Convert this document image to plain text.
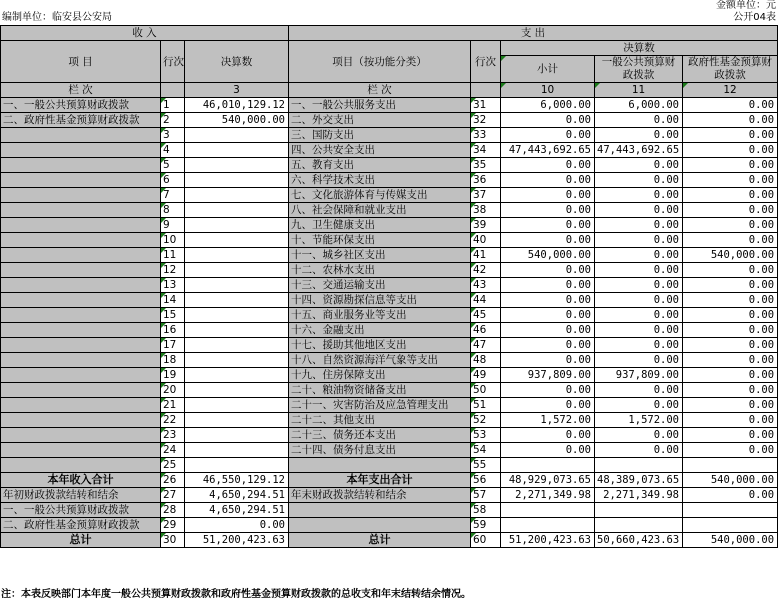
金额单位：元
编制单位：临安县公安局	公开04表
收 入			支 出				
项 目	行次	决算数	项目（按功能分类）	行次	决算数		
					小计	一般公共预算财政拨款	政府性基金预算财政拨款

栏 次		3	栏 次		10	11	12
一、一般公共预算财政拨款	1	46,010,129.12	一、一般公共服务支出	31	6,000.00	6,000.00	0.00
二、政府性基金预算财政拨款	2	540,000.00	二、外交支出	32	0.00	0.00	0.00
	3		三、国防支出	33	0.00	0.00	0.00
	4		四、公共安全支出	34	47,443,692.65	47,443,692.65	0.00
	5		五、教育支出	35	0.00	0.00	0.00
	6		六、科学技术支出	36	0.00	0.00	0.00
	7		七、文化旅游体育与传媒支出	37	0.00	0.00	0.00
	8		八、社会保障和就业支出	38	0.00	0.00	0.00
	9		九、卫生健康支出	39	0.00	0.00	0.00
	10		十、节能环保支出	40	0.00	0.00	0.00
	11		十一、城乡社区支出	41	540,000.00	0.00	540,000.00
	12		十二、农林水支出	42	0.00	0.00	0.00
	13		十三、交通运输支出	43	0.00	0.00	0.00
	14		十四、资源勘探信息等支出	44	0.00	0.00	0.00
	15		十五、商业服务业等支出	45	0.00	0.00	0.00
	16		十六、金融支出	46	0.00	0.00	0.00
	17		十七、援助其他地区支出	47	0.00	0.00	0.00
	18		十八、自然资源海洋气象等支出	48	0.00	0.00	0.00
	19		十九、住房保障支出	49	937,809.00	937,809.00	0.00
	20		二十、粮油物资储备支出	50	0.00	0.00	0.00
	21		二十一、灾害防治及应急管理支出	51	0.00	0.00	0.00
	22		二十二、其他支出	52	1,572.00	1,572.00	0.00
	23		二十三、债务还本支出	53	0.00	0.00	0.00
	24		二十四、债务付息支出	54	0.00	0.00	0.00
	25			55			
本年收入合计	26	46,550,129.12	本年支出合计	56	48,929,073.65	48,389,073.65	540,000.00
年初财政拨款结转和结余	27	4,650,294.51	年末财政拨款结转和结余	57	2,271,349.98	2,271,349.98	0.00
一、一般公共预算财政拨款	28	4,650,294.51		58			
二、政府性基金预算财政拨款	29	0.00		59			
总计	30	51,200,423.63	总计	60	51,200,423.63	50,660,423.63	540,000.00
注：本表反映部门本年度一般公共预算财政拨款和政府性基金预算财政拨款的总收支和年末结转结余情况。
